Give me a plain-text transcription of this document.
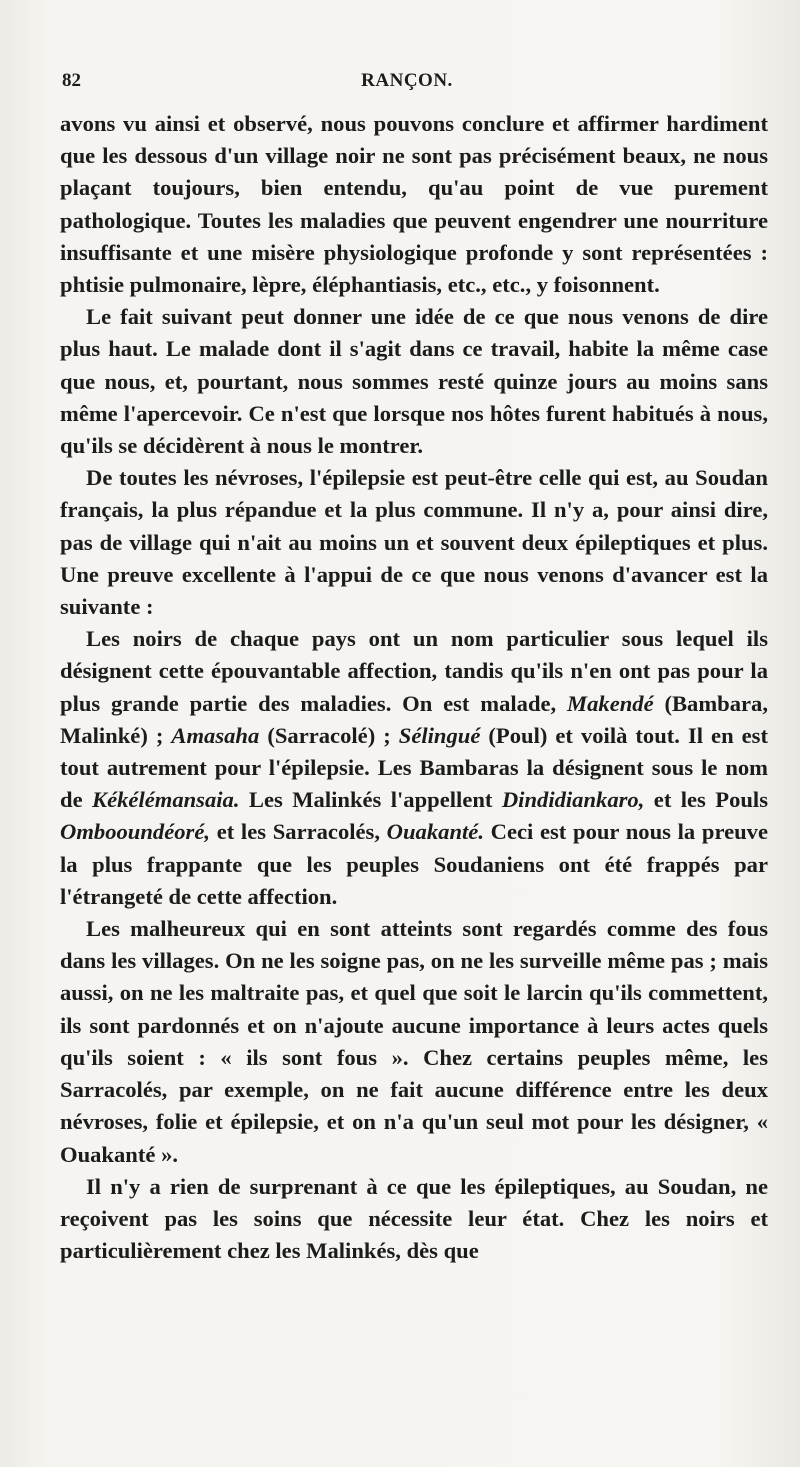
82	RANÇON.

avons vu ainsi et observé, nous pouvons conclure et affirmer hardiment que les dessous d'un village noir ne sont pas précisément beaux, ne nous plaçant toujours, bien entendu, qu'au point de vue purement pathologique. Toutes les maladies que peuvent engendrer une nourriture insuffisante et une misère physiologique profonde y sont représentées : phtisie pulmonaire, lèpre, éléphantiasis, etc., etc., y foisonnent.

Le fait suivant peut donner une idée de ce que nous venons de dire plus haut. Le malade dont il s'agit dans ce travail, habite la même case que nous, et, pourtant, nous sommes resté quinze jours au moins sans même l'apercevoir. Ce n'est que lorsque nos hôtes furent habitués à nous, qu'ils se décidèrent à nous le montrer.

De toutes les névroses, l'épilepsie est peut-être celle qui est, au Soudan français, la plus répandue et la plus commune. Il n'y a, pour ainsi dire, pas de village qui n'ait au moins un et souvent deux épileptiques et plus. Une preuve excellente à l'appui de ce que nous venons d'avancer est la suivante :

Les noirs de chaque pays ont un nom particulier sous lequel ils désignent cette épouvantable affection, tandis qu'ils n'en ont pas pour la plus grande partie des maladies. On est malade, Makendé (Bambara, Malinké) ; Amasaha (Sarracolé) ; Sélingué (Poul) et voilà tout. Il en est tout autrement pour l'épilepsie. Les Bambaras la désignent sous le nom de Kékélémansaia. Les Malinkés l'appellent Dindidiankaro, et les Pouls Ombooundéoré, et les Sarracolés, Ouakanté. Ceci est pour nous la preuve la plus frappante que les peuples Soudaniens ont été frappés par l'étrangeté de cette affection.

Les malheureux qui en sont atteints sont regardés comme des fous dans les villages. On ne les soigne pas, on ne les surveille même pas ; mais aussi, on ne les maltraite pas, et quel que soit le larcin qu'ils commettent, ils sont pardonnés et on n'ajoute aucune importance à leurs actes quels qu'ils soient : « ils sont fous ». Chez certains peuples même, les Sarracolés, par exemple, on ne fait aucune différence entre les deux névroses, folie et épilepsie, et on n'a qu'un seul mot pour les désigner, « Ouakanté ».

Il n'y a rien de surprenant à ce que les épileptiques, au Soudan, ne reçoivent pas les soins que nécessite leur état. Chez les noirs et particulièrement chez les Malinkés, dès que
